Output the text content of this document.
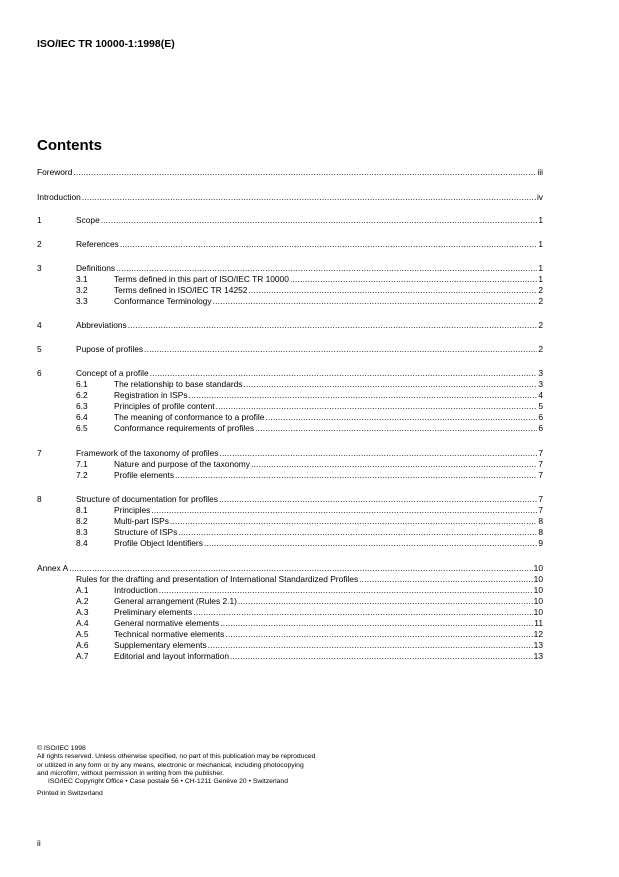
ISO/IEC TR 10000-1:1998(E)
Contents
Foreword .....	iii
Introduction .....	iv
1	Scope .....	1
2	References .....	1
3	Definitions .....	1
3.1	Terms defined in this part of ISO/IEC TR 10000 .....	1
3.2	Terms defined in ISO/IEC TR 14252 .....	2
3.3	Conformance Terminology .....	2
4	Abbreviations .....	2
5	Pupose of profiles .....	2
6	Concept of a profile .....	3
6.1	The relationship to base standards .....	3
6.2	Registration in ISPs .....	4
6.3	Principles of profile content .....	5
6.4	The meaning of conformance to a profile .....	6
6.5	Conformance requirements of profiles .....	6
7	Framework of the taxonomy of profiles .....	7
7.1	Nature and purpose of the taxonomy .....	7
7.2	Profile elements .....	7
8	Structure of documentation for profiles .....	7
8.1	Principles .....	7
8.2	Multi-part ISPs .....	8
8.3	Structure of ISPs .....	8
8.4	Profile Object Identifiers .....	9
Annex A .....	10
Rules for the drafting and presentation of International Standardized Profiles .....	10
A.1	Introduction .....	10
A.2	General arrangement (Rules 2.1) .....	10
A.3	Preliminary elements .....	10
A.4	General normative elements .....	11
A.5	Technical normative elements .....	12
A.6	Supplementary elements .....	13
A.7	Editorial and layout information .....	13
© ISO/IEC 1998
All rights reserved. Unless otherwise specified, no part of this publication may be reproduced
or utilized in any form or by any means, electronic or mechanical, including photocopying
and microfilm, without permission in writing from the publisher.
ISO/IEC Copyright Office • Case postale 56 • CH-1211 Genève 20 • Switzerland
Printed in Switzerland
ii
